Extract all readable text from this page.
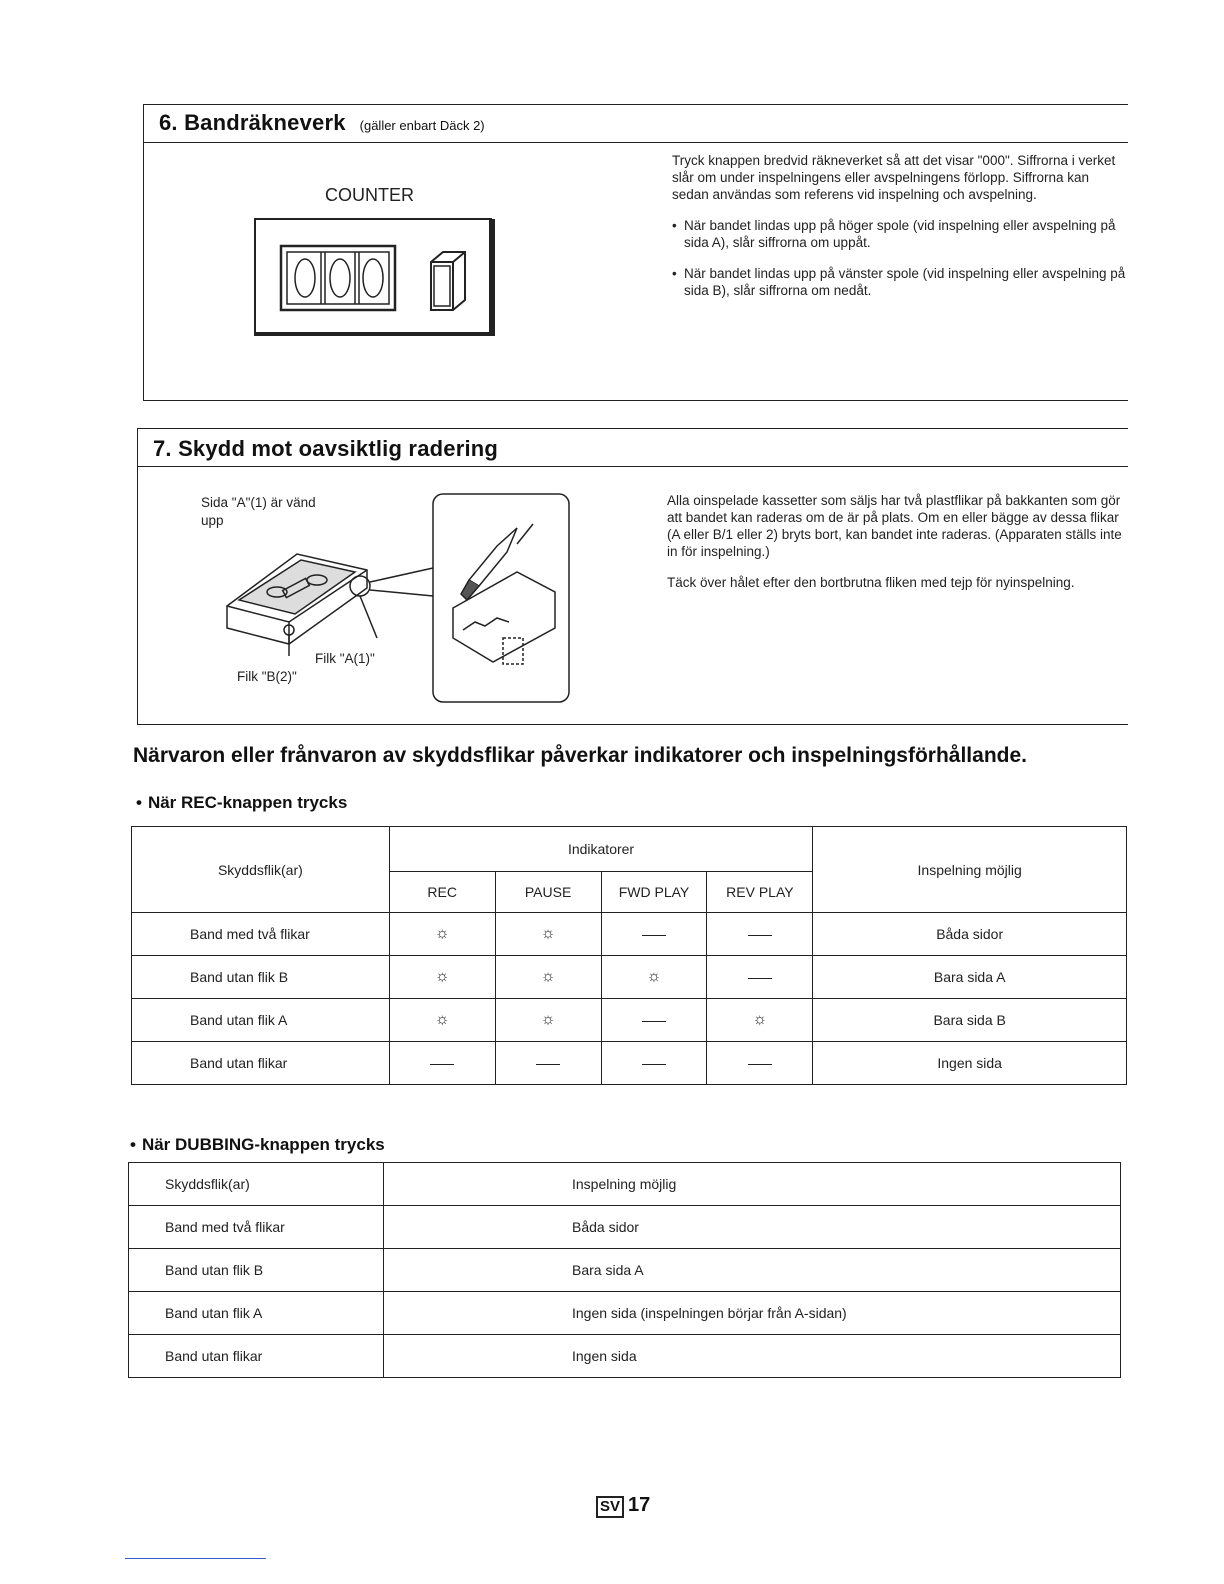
6. Bandräkneverk (gäller enbart Däck 2)
COUNTER

Tryck knappen bredvid räkneverket så att det visar "000". Siffrorna i verket slår om under inspelningens eller avspelningens förlopp. Siffrorna kan sedan användas som referens vid inspelning och avspelning.

• När bandet lindas upp på höger spole (vid inspelning eller avspelning på sida A), slår siffrorna om uppåt.

• När bandet lindas upp på vänster spole (vid inspelning eller avspelning på sida B), slår siffrorna om nedåt.

7. Skydd mot oavsiktlig radering
Sida "A"(1) är vänd upp
Filk "A(1)"
Filk "B(2)"

Alla oinspelade kassetter som säljs har två plastflikar på bakkanten som gör att bandet kan raderas om de är på plats. Om en eller bägge av dessa flikar (A eller B/1 eller 2) bryts bort, kan bandet inte raderas. (Apparaten ställs inte in för inspelning.)

Täck över hålet efter den bortbrutna fliken med tejp för nyinspelning.

Närvaron eller frånvaron av skyddsflikar påverkar indikatorer och inspelningsförhållande.
• När REC-knappen trycks
Skyddsflik(ar)	Indikatorer				Inspelning möjlig
	REC	PAUSE	FWD PLAY	REV PLAY	
Band med två flikar	☼	☼			Båda sidor
Band utan flik B	☼	☼	☼		Bara sida A
Band utan flik A	☼	☼		☼	Bara sida B
Band utan flikar					Ingen sida
• När DUBBING-knappen trycks
Skyddsflik(ar)	Inspelning möjlig
Band med två flikar	Båda sidor
Band utan flik B	Bara sida A
Band utan flik A	Ingen sida (inspelningen börjar från A-sidan)
Band utan flikar	Ingen sida
SV 17
